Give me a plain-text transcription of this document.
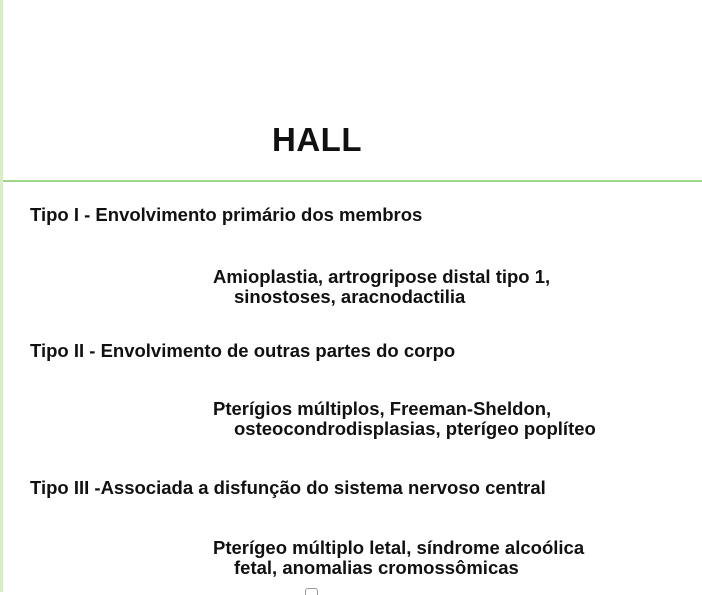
HALL
Tipo I - Envolvimento primário dos membros
Amioplastia, artrogripose distal tipo 1,
sinostoses, aracnodactilia
Tipo II - Envolvimento de outras partes do corpo
Pterígios múltiplos, Freeman-Sheldon,
osteocondrodisplasias, pterígeo poplíteo
Tipo III -Associada a disfunção do sistema nervoso central
Pterígeo múltiplo letal, síndrome alcoólica
fetal, anomalias cromossômicas
